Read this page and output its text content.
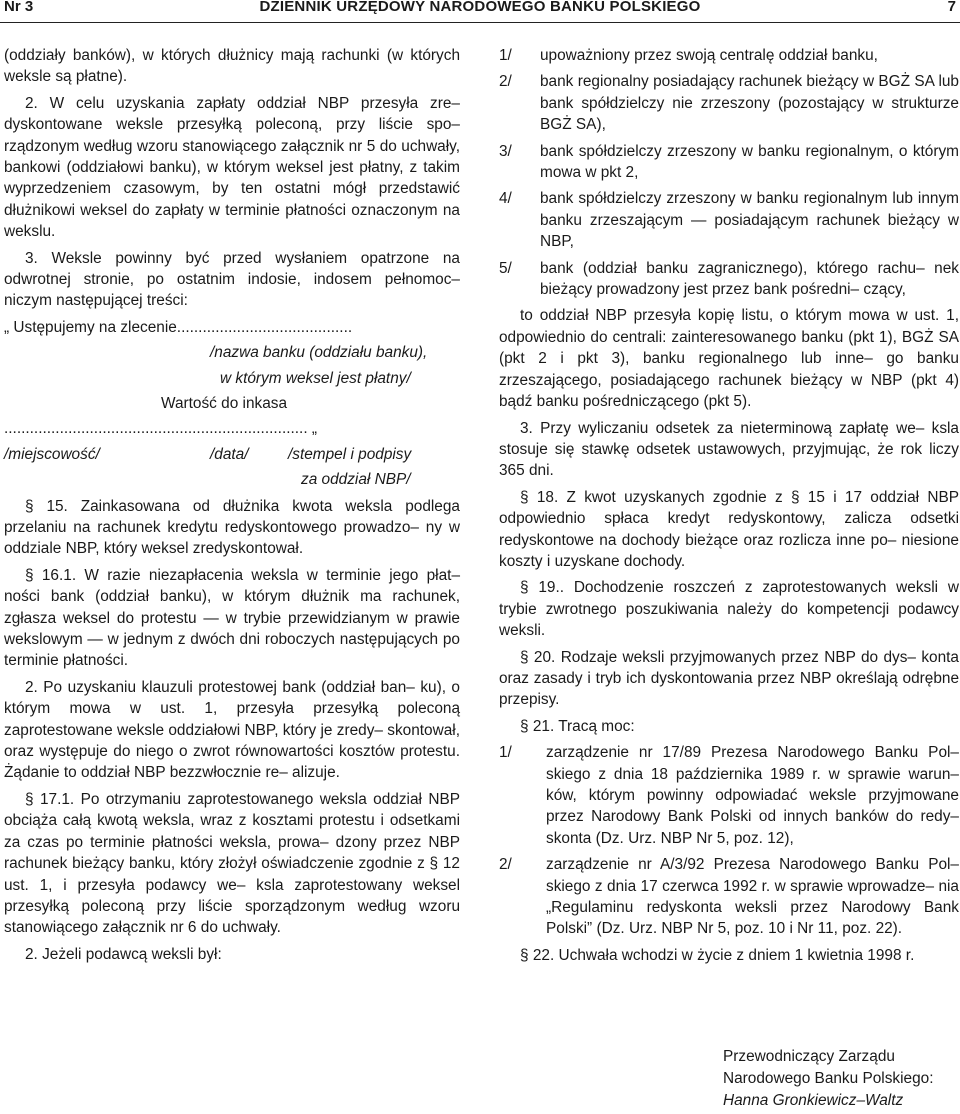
Nr 3	DZIENNIK URZĘDOWY NARODOWEGO BANKU POLSKIEGO	7

(oddziały banków), w których dłużnicy mają rachunki (w których weksle są płatne).

2. W celu uzyskania zapłaty oddział NBP przesyła zre– dyskontowane weksle przesyłką poleconą, przy liście spo– rządzonym według wzoru stanowiącego załącznik nr 5 do uchwały, bankowi (oddziałowi banku), w którym weksel jest płatny, z takim wyprzedzeniem czasowym, by ten ostatni mógł przedstawić dłużnikowi weksel do zapłaty w terminie płatności oznaczonym na wekslu.

3. Weksle powinny być przed wysłaniem opatrzone na odwrotnej stronie, po ostatnim indosie, indosem pełnomoc– niczym następującej treści:

„ Ustępujemy na zlecenie.........................................
/nazwa banku (oddziału banku),
w którym weksel jest płatny/
Wartość do inkasa
....................................................................... „
/miejscowość/	/data/	/stempel i podpisy
za oddział NBP/

§ 15. Zainkasowana od dłużnika kwota weksla podlega przelaniu na rachunek kredytu redyskontowego prowadzo– ny w oddziale NBP, który weksel zredyskontował.

§ 16.1. W razie niezapłacenia weksla w terminie jego płat– ności bank (oddział banku), w którym dłużnik ma rachunek, zgłasza weksel do protestu — w trybie przewidzianym w prawie wekslowym — w jednym z dwóch dni roboczych następujących po terminie płatności.

2. Po uzyskaniu klauzuli protestowej bank (oddział ban– ku), o którym mowa w ust. 1, przesyła przesyłką poleconą zaprotestowane weksle oddziałowi NBP, który je zredy– skontował, oraz występuje do niego o zwrot równowartości kosztów protestu. Żądanie to oddział NBP bezzwłocznie re– alizuje.

§ 17.1. Po otrzymaniu zaprotestowanego weksla oddział NBP obciąża całą kwotą weksla, wraz z kosztami protestu i odsetkami za czas po terminie płatności weksla, prowa– dzony przez NBP rachunek bieżący banku, który złożył oświadczenie zgodnie z § 12 ust. 1, i przesyła podawcy we– ksla zaprotestowany weksel przesyłką poleconą przy liście sporządzonym według wzoru stanowiącego załącznik nr 6 do uchwały.

2. Jeżeli podawcą weksli był:

1/ upoważniony przez swoją centralę oddział banku,
2/ bank regionalny posiadający rachunek bieżący w BGŻ SA lub bank spółdzielczy nie zrzeszony (pozostający w strukturze BGŻ SA),
3/ bank spółdzielczy zrzeszony w banku regionalnym, o którym mowa w pkt 2,
4/ bank spółdzielczy zrzeszony w banku regionalnym lub innym banku zrzeszającym — posiadającym rachunek bieżący w NBP,
5/ bank (oddział banku zagranicznego), którego rachu– nek bieżący prowadzony jest przez bank pośredni– czący,

to oddział NBP przesyła kopię listu, o którym mowa w ust. 1, odpowiednio do centrali: zainteresowanego banku (pkt 1), BGŻ SA (pkt 2 i pkt 3), banku regionalnego lub inne– go banku zrzeszającego, posiadającego rachunek bieżący w NBP (pkt 4) bądź banku pośredniczącego (pkt 5).

3. Przy wyliczaniu odsetek za nieterminową zapłatę we– ksla stosuje się stawkę odsetek ustawowych, przyjmując, że rok liczy 365 dni.

§ 18. Z kwot uzyskanych zgodnie z § 15 i 17 oddział NBP odpowiednio spłaca kredyt redyskontowy, zalicza odsetki redyskontowe na dochody bieżące oraz rozlicza inne po– niesione koszty i uzyskane dochody.

§ 19.. Dochodzenie roszczeń z zaprotestowanych weksli w trybie zwrotnego poszukiwania należy do kompetencji podawcy weksli.

§ 20. Rodzaje weksli przyjmowanych przez NBP do dys– konta oraz zasady i tryb ich dyskontowania przez NBP określają odrębne przepisy.

§ 21. Tracą moc:

1/ zarządzenie nr 17/89 Prezesa Narodowego Banku Pol– skiego z dnia 18 października 1989 r. w sprawie warun– ków, którym powinny odpowiadać weksle przyjmowane przez Narodowy Bank Polski od innych banków do redy– skonta (Dz. Urz. NBP Nr 5, poz. 12),
2/ zarządzenie nr A/3/92 Prezesa Narodowego Banku Pol– skiego z dnia 17 czerwca 1992 r. w sprawie wprowadze– nia „Regulaminu redyskonta weksli przez Narodowy Bank Polski” (Dz. Urz. NBP Nr 5, poz. 10 i Nr 11, poz. 22).

§ 22. Uchwała wchodzi w życie z dniem 1 kwietnia 1998 r.

Przewodniczący Zarządu
Narodowego Banku Polskiego:
Hanna Gronkiewicz–Waltz
